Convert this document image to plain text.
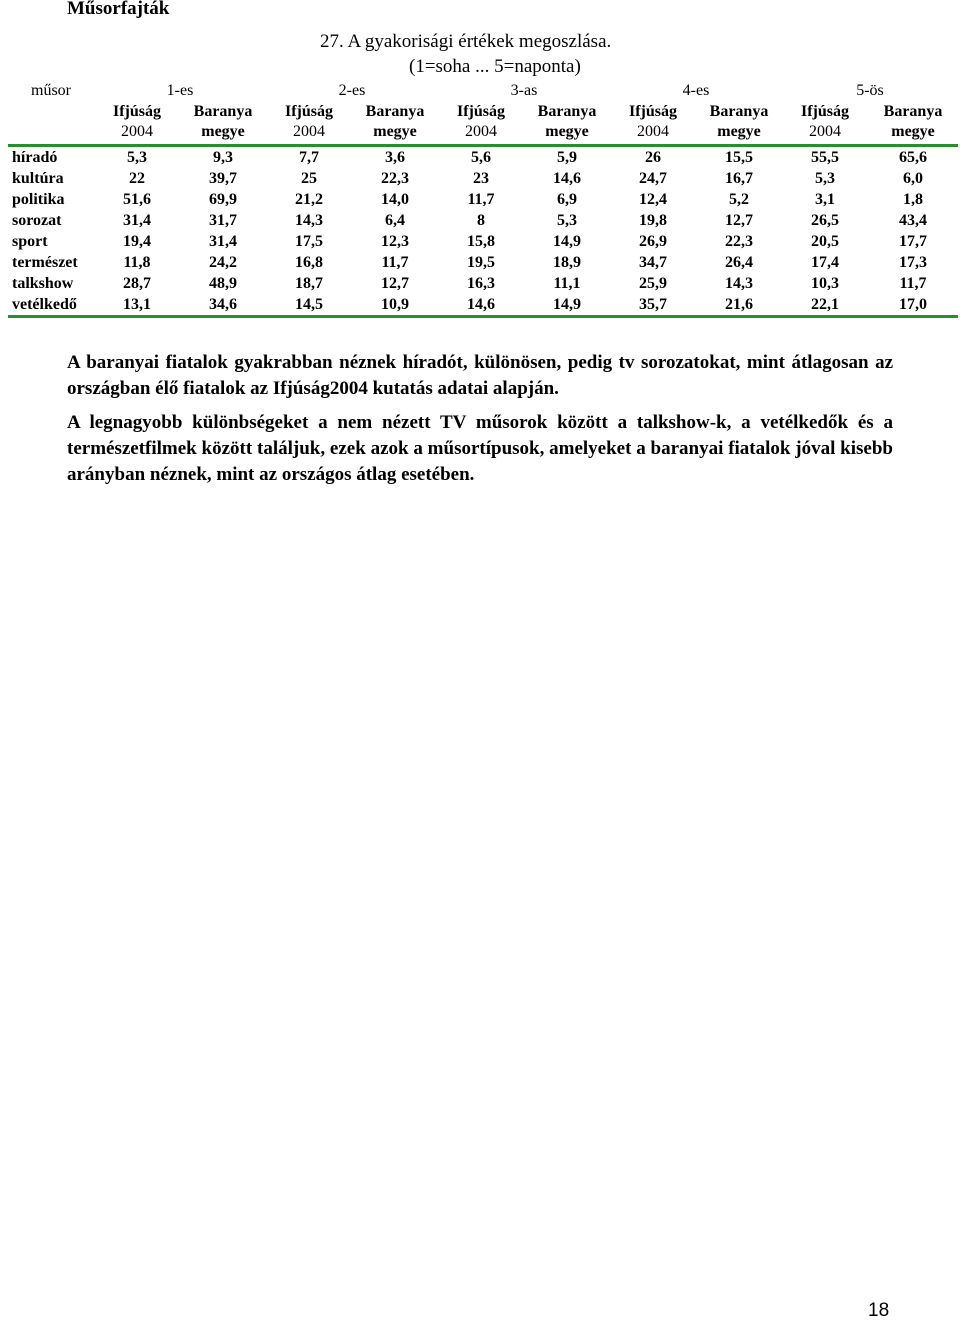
Műsorfajták
27. A gyakorisági értékek megoszlása.
(1=soha ... 5=naponta)
műsor	1-es		2-es		3-as		4-es		5-ös	
	Ifjúság	Baranya	Ifjúság	Baranya	Ifjúság	Baranya	Ifjúság	Baranya	Ifjúság	Baranya
	2004	megye	2004	megye	2004	megye	2004	megye	2004	megye
híradó	5,3	9,3	7,7	3,6	5,6	5,9	26	15,5	55,5	65,6
kultúra	22	39,7	25	22,3	23	14,6	24,7	16,7	5,3	6,0
politika	51,6	69,9	21,2	14,0	11,7	6,9	12,4	5,2	3,1	1,8
sorozat	31,4	31,7	14,3	6,4	8	5,3	19,8	12,7	26,5	43,4
sport	19,4	31,4	17,5	12,3	15,8	14,9	26,9	22,3	20,5	17,7
természet	11,8	24,2	16,8	11,7	19,5	18,9	34,7	26,4	17,4	17,3
talkshow	28,7	48,9	18,7	12,7	16,3	11,1	25,9	14,3	10,3	11,7
vetélkedő	13,1	34,6	14,5	10,9	14,6	14,9	35,7	21,6	22,1	17,0
A baranyai fiatalok gyakrabban néznek híradót, különösen, pedig tv sorozatokat, mint átlagosan az országban élő fiatalok az Ifjúság2004 kutatás adatai alapján.
A legnagyobb különbségeket a nem nézett TV műsorok között a talkshow-k, a vetélkedők és a természetfilmek között találjuk, ezek azok a műsortípusok, amelyeket a baranyai fiatalok jóval kisebb arányban néznek, mint az országos átlag esetében.
18
